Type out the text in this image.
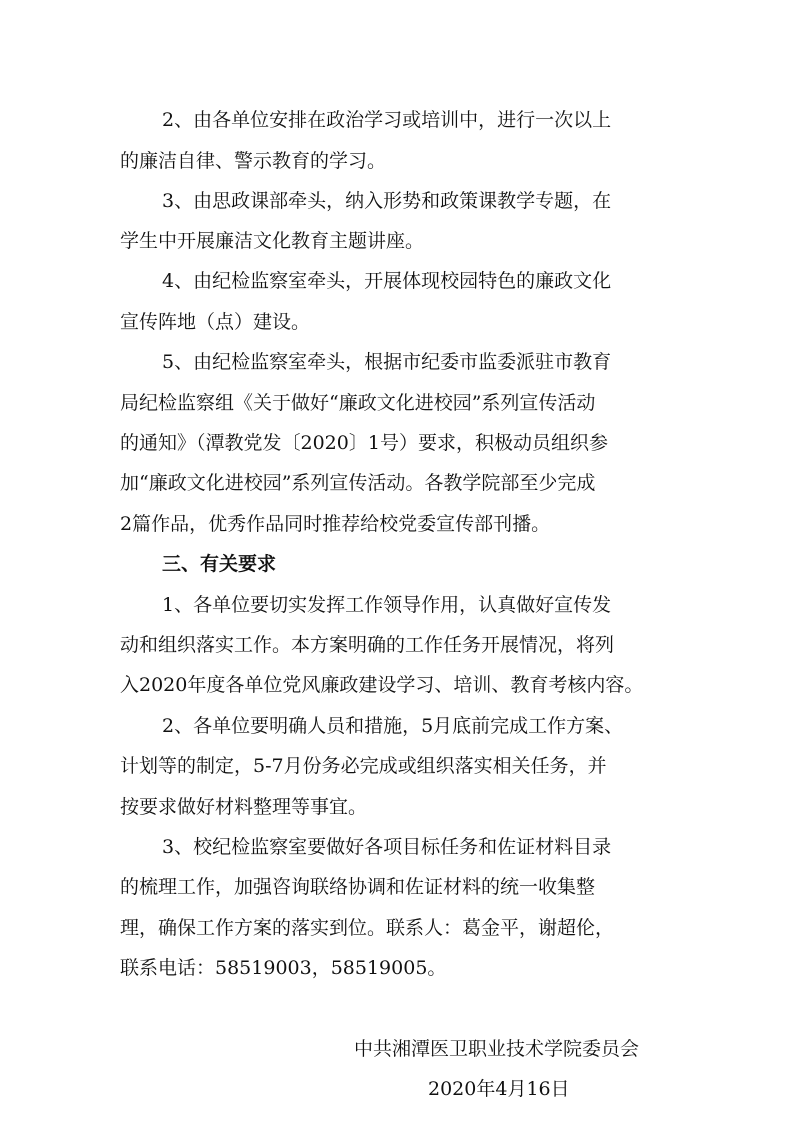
2、由各单位安排在政治学习或培训中，进行一次以上
的廉洁自律、警示教育的学习。
3、由思政课部牵头，纳入形势和政策课教学专题，在
学生中开展廉洁文化教育主题讲座。
4、由纪检监察室牵头，开展体现校园特色的廉政文化
宣传阵地（点）建设。
5、由纪检监察室牵头，根据市纪委市监委派驻市教育
局纪检监察组《关于做好“廉政文化进校园”系列宣传活动
的通知》（潭教党发〔2020〕1号）要求，积极动员组织参
加“廉政文化进校园”系列宣传活动。各教学院部至少完成
2篇作品，优秀作品同时推荐给校党委宣传部刊播。
三、有关要求
1、各单位要切实发挥工作领导作用，认真做好宣传发
动和组织落实工作。本方案明确的工作任务开展情况，将列
入2020年度各单位党风廉政建设学习、培训、教育考核内容。
2、各单位要明确人员和措施，5月底前完成工作方案、
计划等的制定，5-7月份务必完成或组织落实相关任务，并
按要求做好材料整理等事宜。
3、校纪检监察室要做好各项目标任务和佐证材料目录
的梳理工作，加强咨询联络协调和佐证材料的统一收集整
理，确保工作方案的落实到位。联系人：葛金平，谢超伦，
联系电话：58519003，58519005。
中共湘潭医卫职业技术学院委员会
2020年4月16日
